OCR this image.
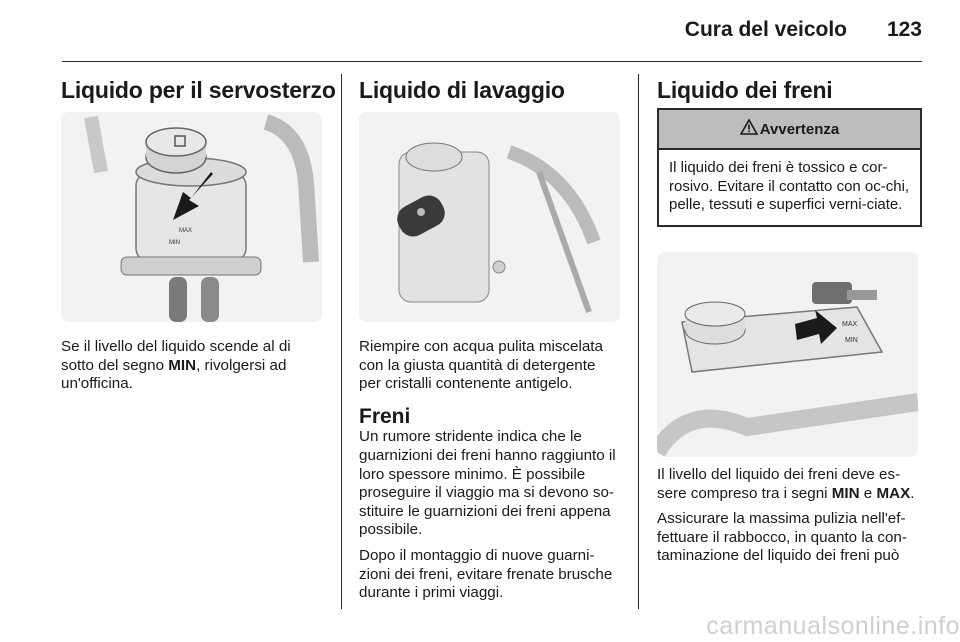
Cura del veicolo	123
Liquido per il servosterzo
MAX
MIN

Se il livello del liquido scende al di sotto del segno MIN, rivolgersi ad un'officina.

Liquido di lavaggio

Riempire con acqua pulita miscelata con la giusta quantità di detergente per cristalli contenente antigelo.

Freni

Un rumore stridente indica che le guarnizioni dei freni hanno raggiunto il loro spessore minimo. È possibile proseguire il viaggio ma si devono so-stituire le guarnizioni dei freni appena possibile.

Dopo il montaggio di nuove guarni-zioni dei freni, evitare frenate brusche durante i primi viaggi.

Liquido dei freni
Avvertenza
Il liquido dei freni è tossico e cor-rosivo. Evitare il contatto con oc-chi, pelle, tessuti e superfici verni-ciate.
MAX
MIN

Il livello del liquido dei freni deve es-sere compreso tra i segni MIN e MAX.

Assicurare la massima pulizia nell'ef-fettuare il rabbocco, in quanto la con-taminazione del liquido dei freni può

carmanualsonline.info
